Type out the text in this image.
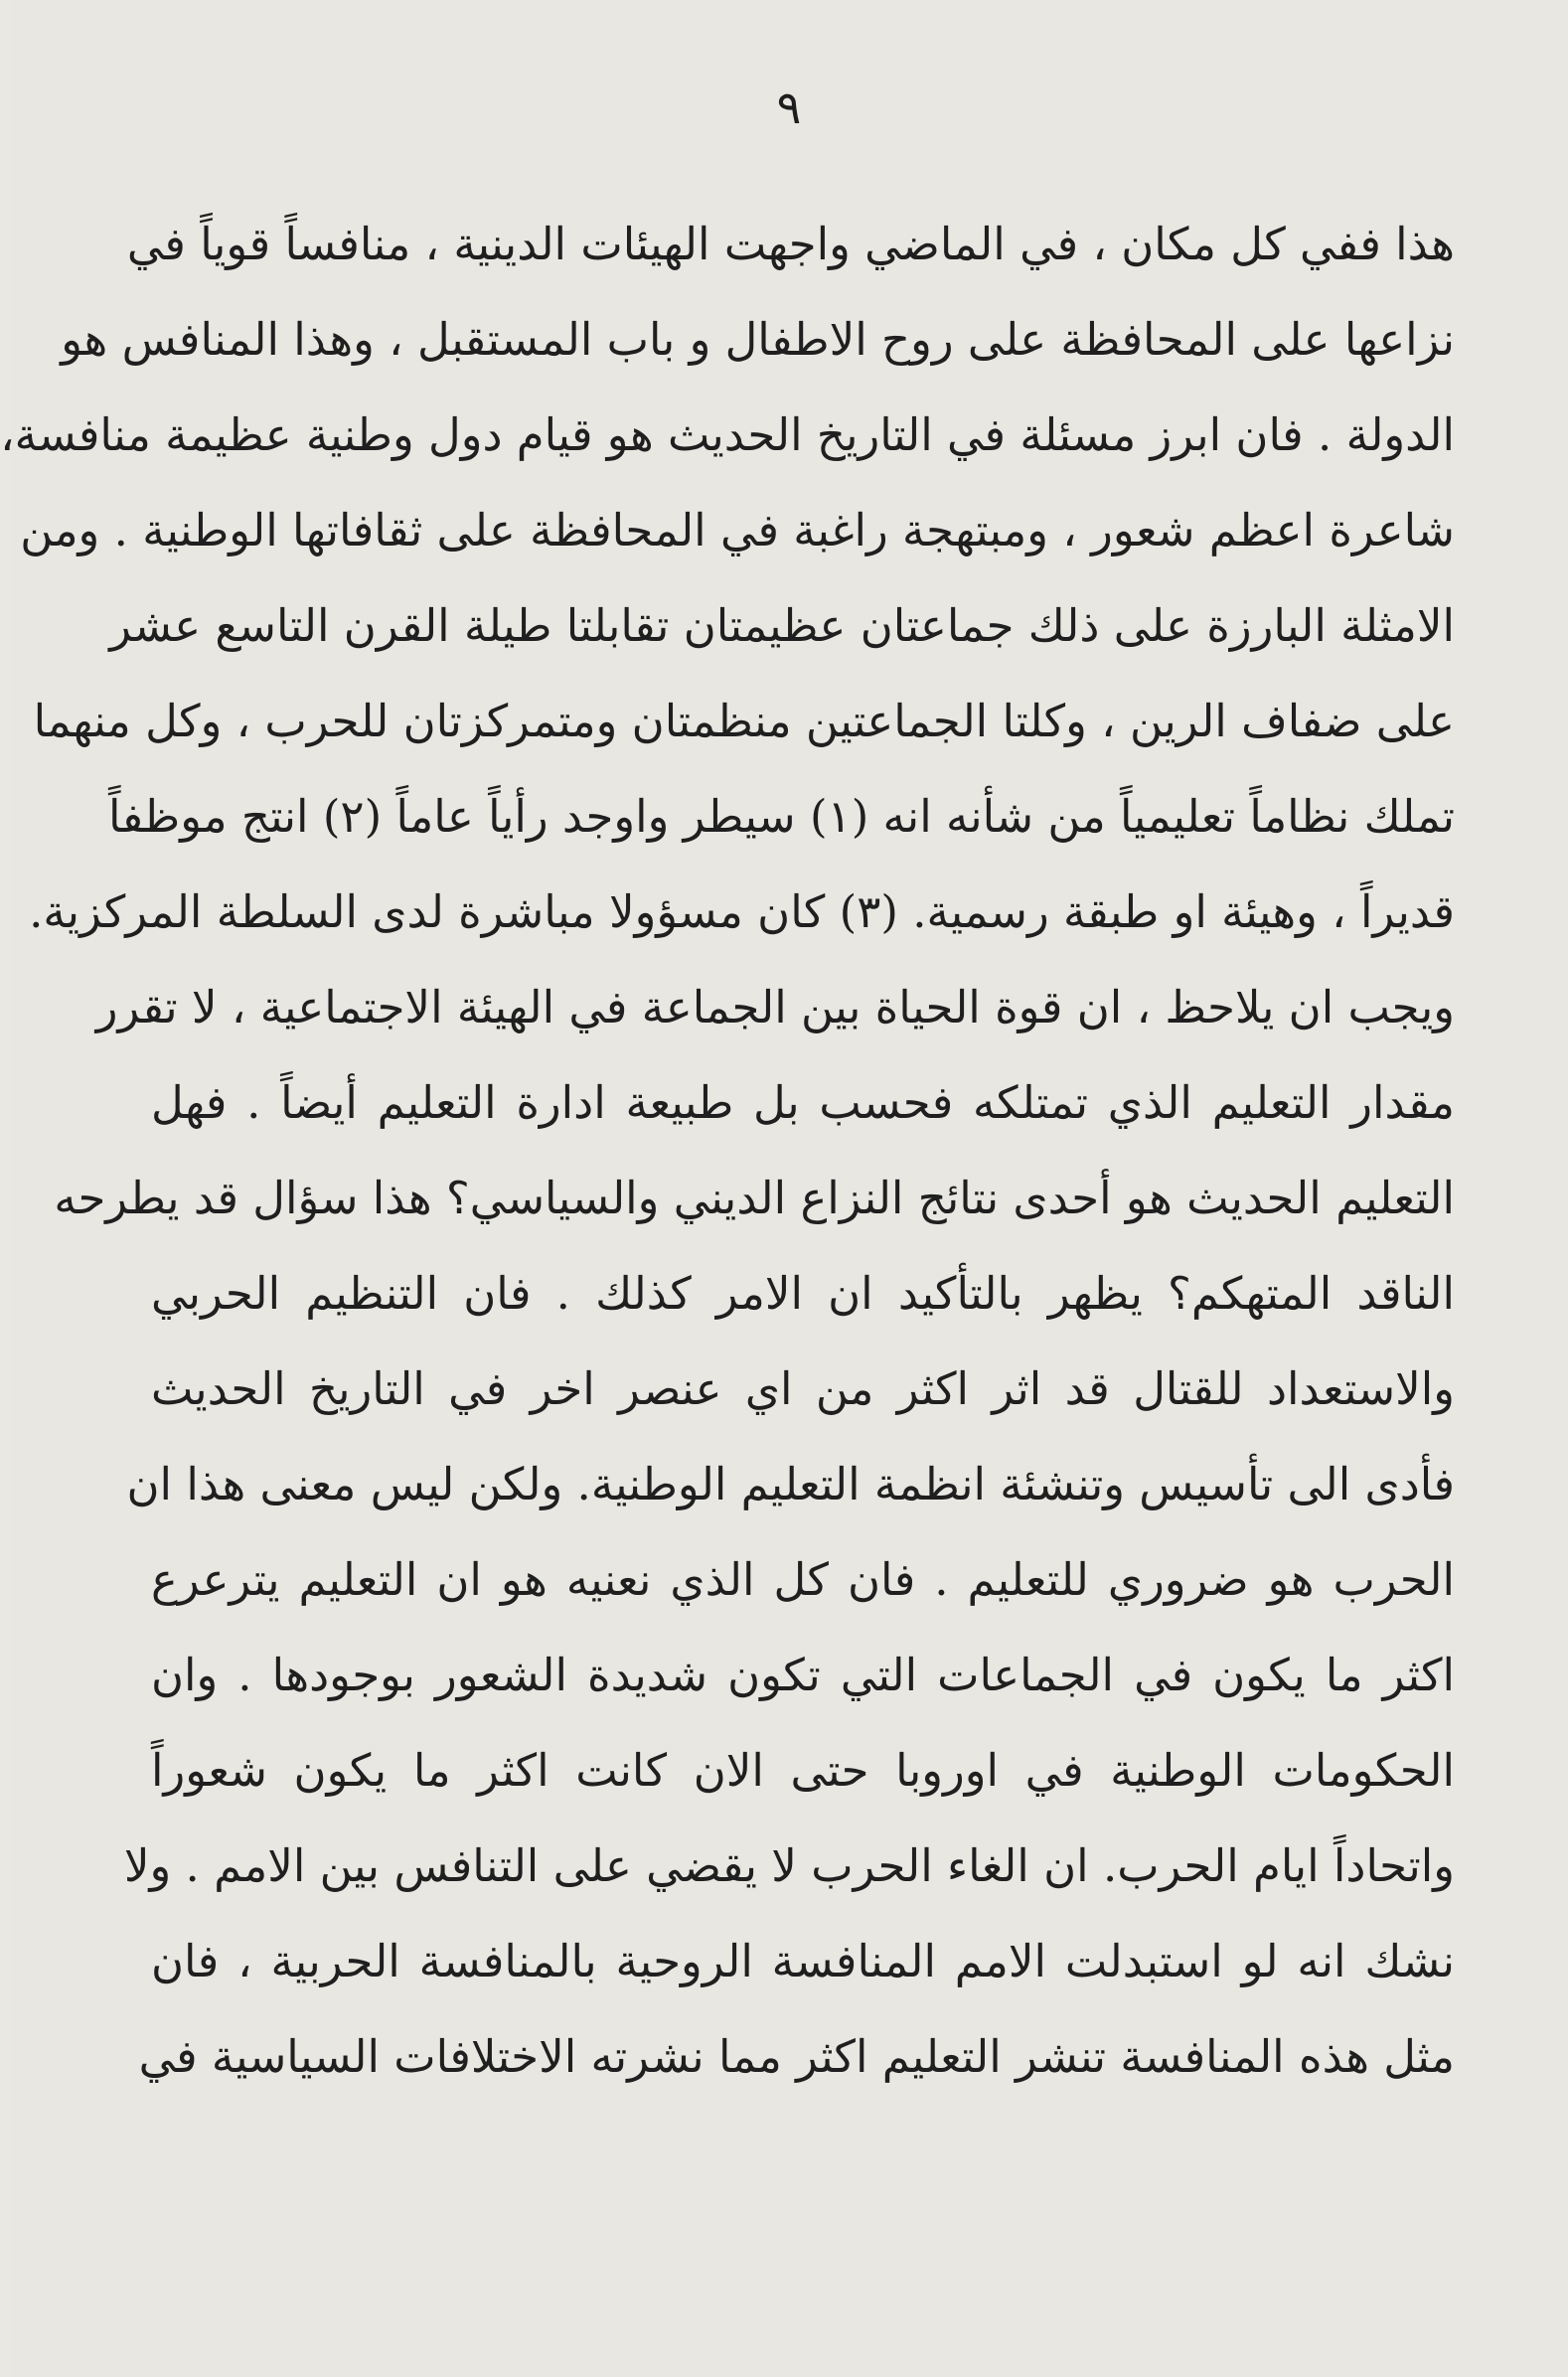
٩
هذا ففي كل مكان ، في الماضي واجهت الهيئات الدينية ، منافساً قوياً في
نزاعها على المحافظة على روح الاطفال و باب المستقبل ، وهذا المنافس هو
الدولة . فان ابرز مسئلة في التاريخ الحديث هو قيام دول وطنية عظيمة منافسة،
شاعرة اعظم شعور ، ومبتهجة راغبة في المحافظة على ثقافاتها الوطنية . ومن
الامثلة البارزة على ذلك جماعتان عظيمتان تقابلتا طيلة القرن التاسع عشر
على ضفاف الرين ، وكلتا الجماعتين منظمتان ومتمركزتان للحرب ، وكل منهما
تملك نظاماً تعليمياً من شأنه انه (١) سيطر واوجد رأياً عاماً (٢) انتج موظفاً
قديراً ، وهيئة او طبقة رسمية. (٣) كان مسؤولا مباشرة لدى السلطة المركزية.
ويجب ان يلاحظ ، ان قوة الحياة بين الجماعة في الهيئة الاجتماعية ، لا تقرر
مقدار التعليم الذي تمتلكه فحسب بل طبيعة ادارة التعليم أيضاً . فهل
التعليم الحديث هو أحدى نتائج النزاع الديني والسياسي؟ هذا سؤال قد يطرحه
الناقد المتهكم؟ يظهر بالتأكيد ان الامر كذلك . فان التنظيم الحربي
والاستعداد للقتال قد اثر اكثر من اي عنصر اخر في التاريخ الحديث
فأدى الى تأسيس وتنشئة انظمة التعليم الوطنية. ولكن ليس معنى هذا ان
الحرب هو ضروري للتعليم . فان كل الذي نعنيه هو ان التعليم يترعرع
اكثر ما يكون في الجماعات التي تكون شديدة الشعور بوجودها . وان
الحكومات الوطنية في اوروبا حتى الان كانت اكثر ما يكون شعوراً
واتحاداً ايام الحرب. ان الغاء الحرب لا يقضي على التنافس بين الامم . ولا
نشك انه لو استبدلت الامم المنافسة الروحية بالمنافسة الحربية ، فان
مثل هذه المنافسة تنشر التعليم اكثر مما نشرته الاختلافات السياسية في
